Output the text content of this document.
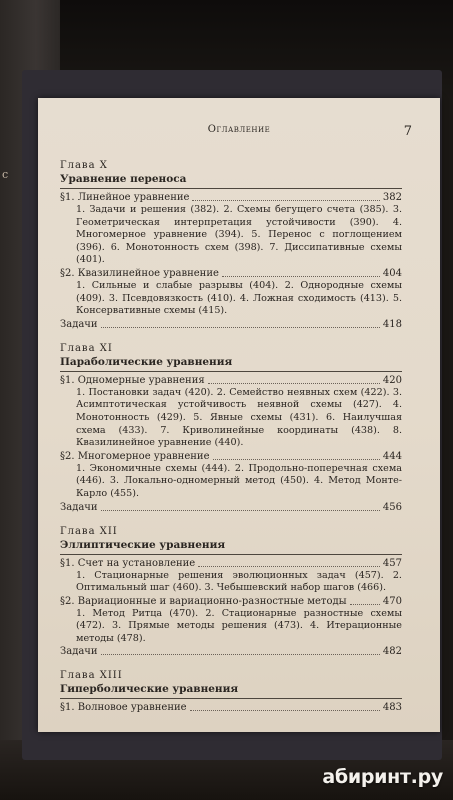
с
Оглавление	7
Глава X
Уравнение переноса
§1. Линейное уравнение	382
1. Задачи и решения (382). 2. Схемы бегущего счета (385). 3. Геометрическая интерпретация устойчивости (390). 4. Многомерное уравнение (394). 5. Перенос с поглощением (396). 6. Монотонность схем (398). 7. Диссипативные схемы (401).
§2. Квазилинейное уравнение	404
1. Сильные и слабые разрывы (404). 2. Однородные схемы (409). 3. Псевдовязкость (410). 4. Ложная сходимость (413). 5. Консервативные схемы (415).
Задачи	418
Глава XI
Параболические уравнения
§1. Одномерные уравнения	420
1. Постановки задач (420). 2. Семейство неявных схем (422). 3. Асимптотическая устойчивость неявной схемы (427). 4. Монотонность (429). 5. Явные схемы (431). 6. Наилучшая схема (433). 7. Криволинейные координаты (438). 8. Квазилинейное уравнение (440).
§2. Многомерное уравнение	444
1. Экономичные схемы (444). 2. Продольно-поперечная схема (446). 3. Локально-одномерный метод (450). 4. Метод Монте-Карло (455).
Задачи	456
Глава XII
Эллиптические уравнения
§1. Счет на установление	457
1. Стационарные решения эволюционных задач (457). 2. Оптимальный шаг (460). 3. Чебышевский набор шагов (466).
§2. Вариационные и вариационно-разностные методы	470
1. Метод Ритца (470). 2. Стационарные разностные схемы (472). 3. Прямые методы решения (473). 4. Итерационные методы (478).
Задачи	482
Глава XIII
Гиперболические уравнения
§1. Волновое уравнение	483
абиринт.ру
